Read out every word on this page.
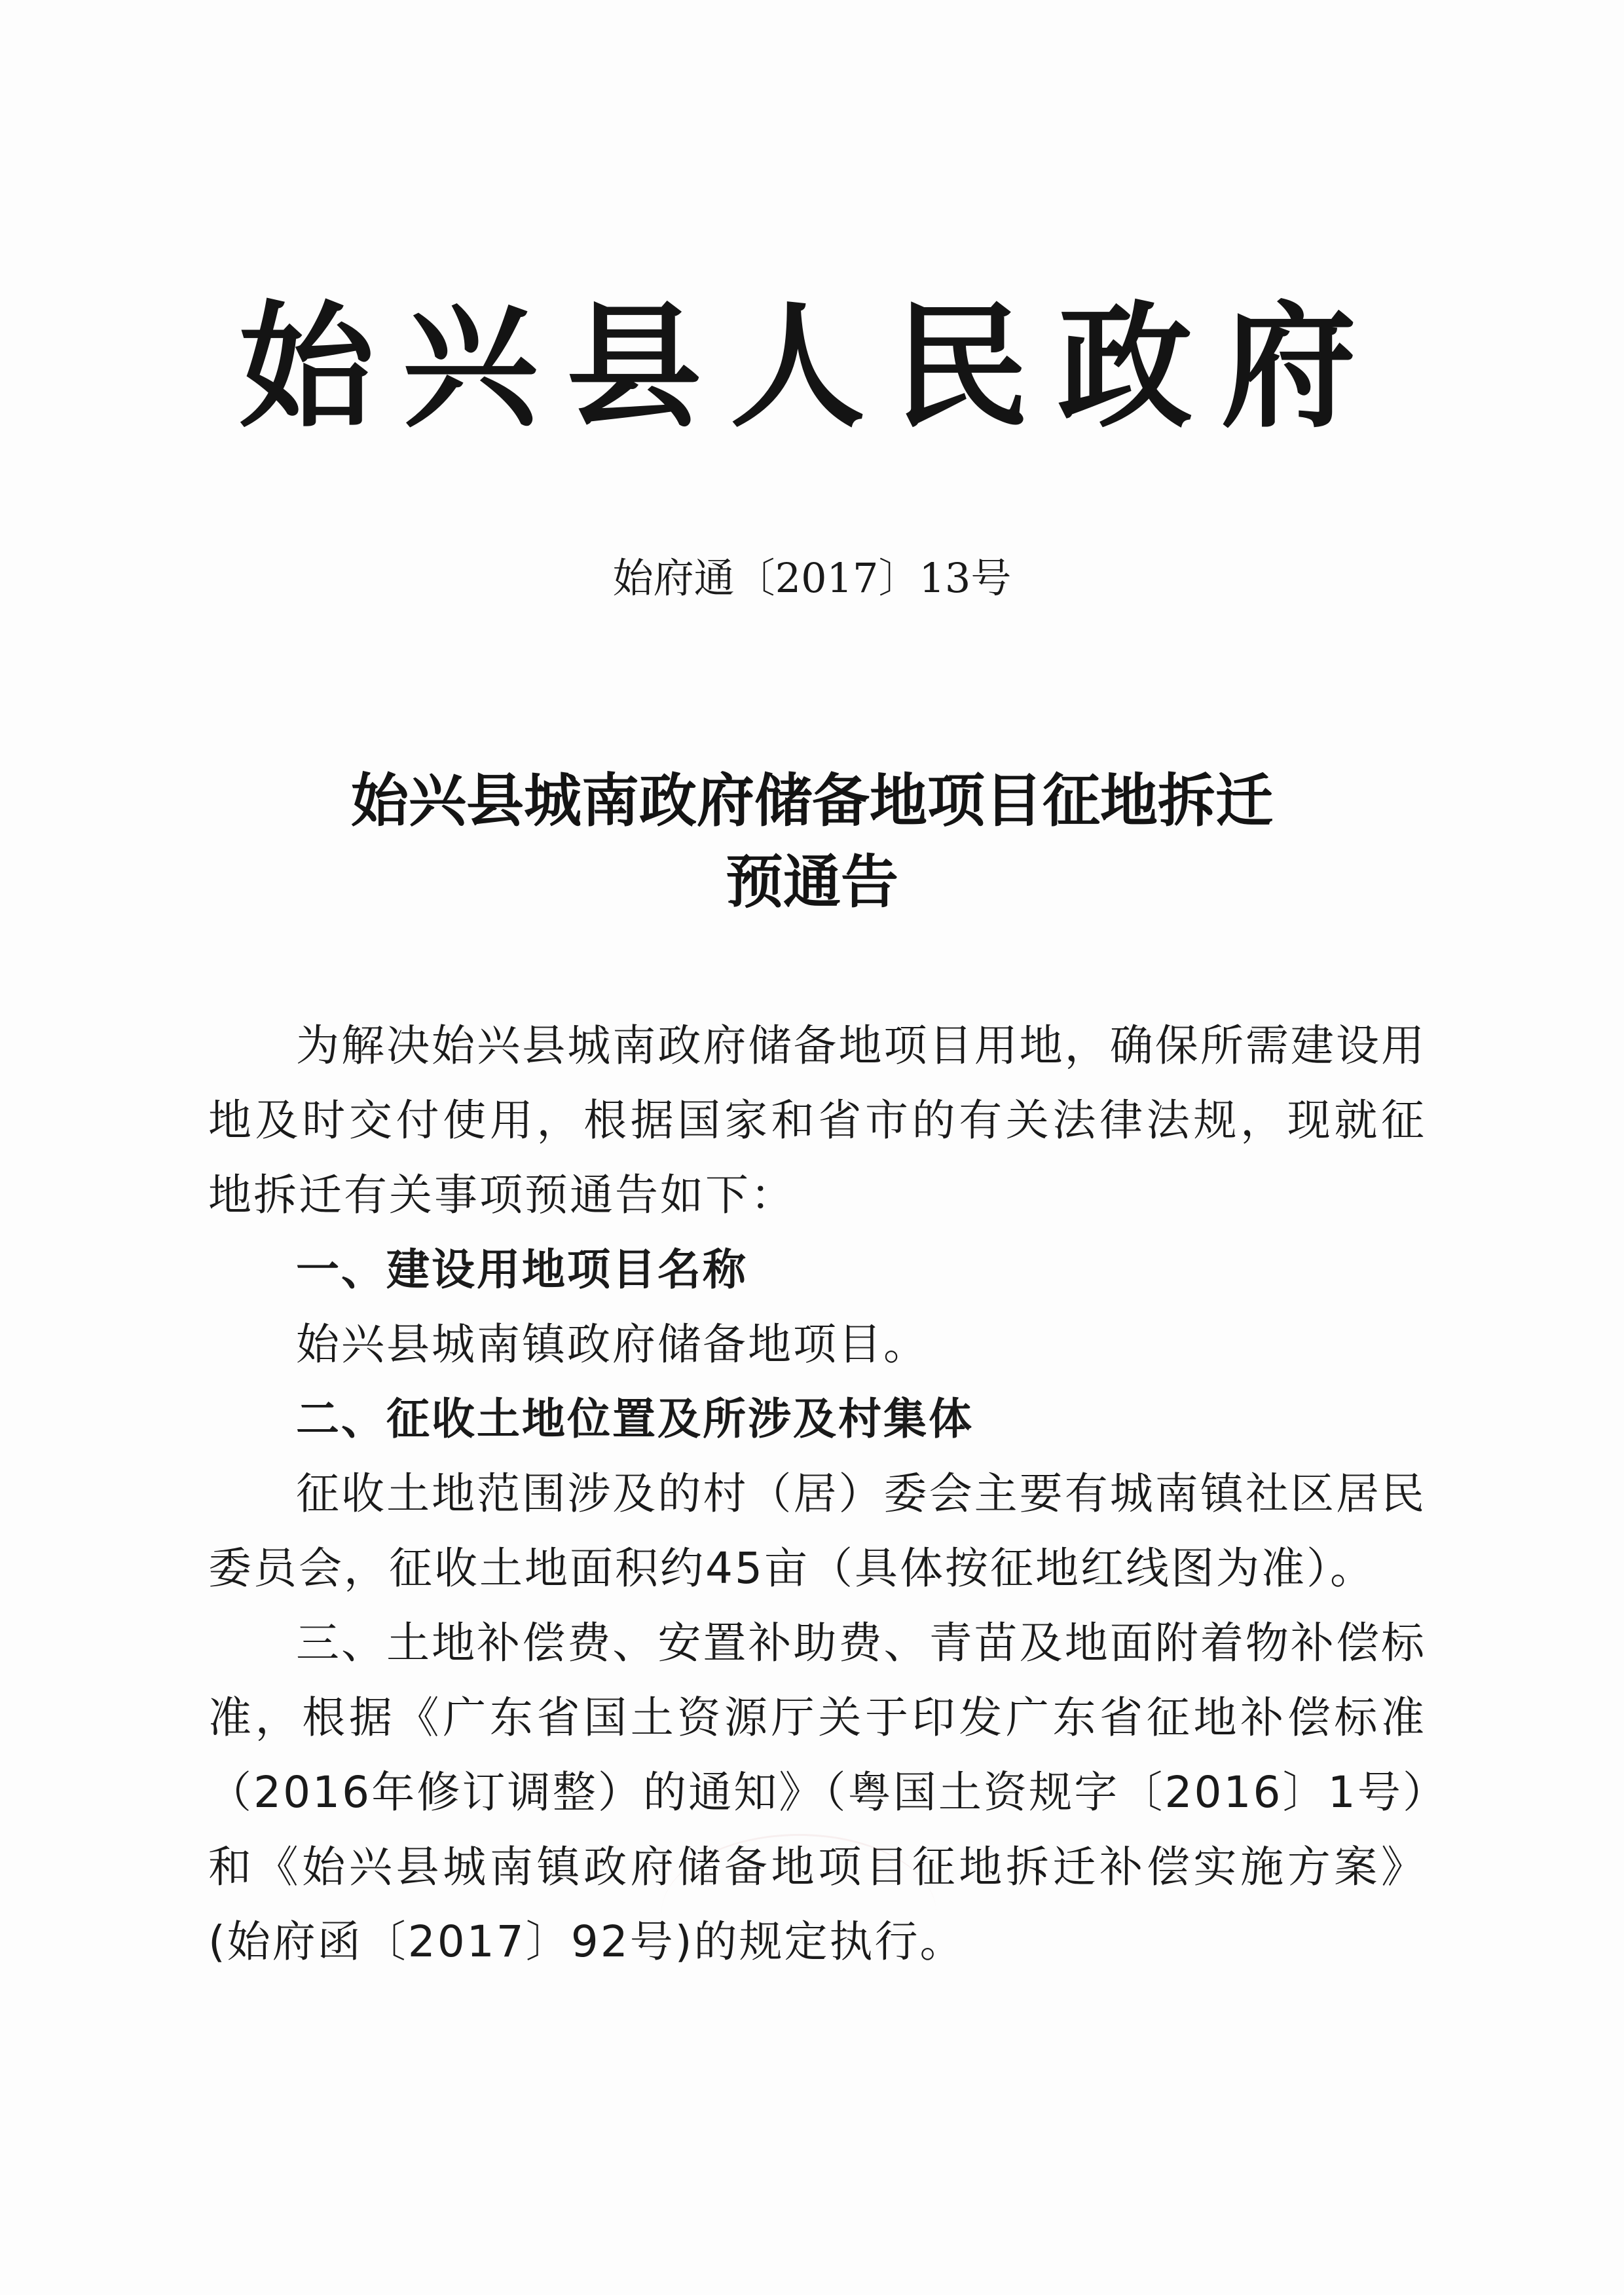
始兴县人民政府
始府通〔2017〕13号
始兴县城南政府储备地项目征地拆迁
预通告

为解决始兴县城南政府储备地项目用地，确保所需建设用地及时交付使用，根据国家和省市的有关法律法规，现就征地拆迁有关事项预通告如下：

一、建设用地项目名称

始兴县城南镇政府储备地项目。

二、征收土地位置及所涉及村集体

征收土地范围涉及的村（居）委会主要有城南镇社区居民委员会，征收土地面积约45亩（具体按征地红线图为准）。

三、土地补偿费、安置补助费、青苗及地面附着物补偿标准，根据《广东省国土资源厅关于印发广东省征地补偿标准（2016年修订调整）的通知》（粤国土资规字〔2016〕1号）和《始兴县城南镇政府储备地项目征地拆迁补偿实施方案》(始府函〔2017〕92号)的规定执行。
